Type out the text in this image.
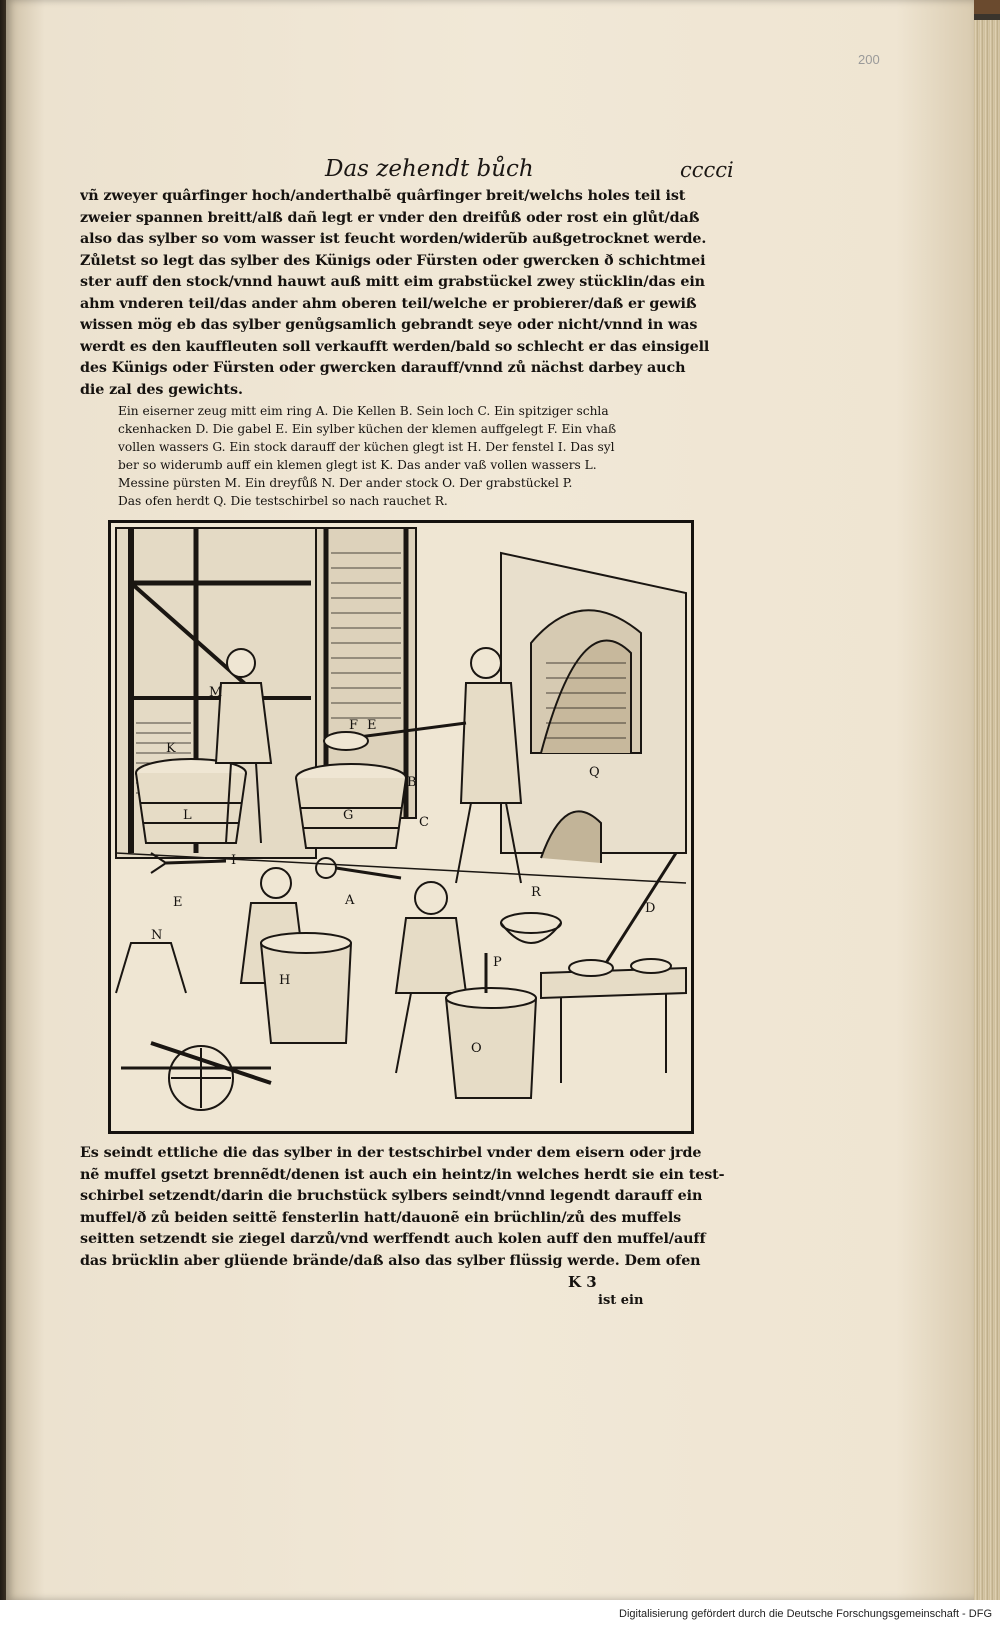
200
Das zehendt bůch	cccci
vñ zweyer quârfinger hoch/anderthalbẽ quârfinger breit/welchs holes teil ist
zweier spannen breitt/alß dañ legt er vnder den dreifůß oder rost ein glůt/daß
also das sylber so vom wasser ist feucht worden/widerũb außgetrocknet werde.
Zůletst so legt das sylber des Künigs oder Fürsten oder gwercken ð schichtmei
ster auff den stock/vnnd hauwt auß mitt eim grabstückel zwey stücklin/das ein
ahm vnderen teil/das ander ahm oberen teil/welche er probierer/daß er gewiß
wissen mög eb das sylber genůgsamlich gebrandt seye oder nicht/vnnd in was
werdt es den kauffleuten soll verkaufft werden/bald so schlecht er das einsigell
des Künigs oder Fürsten oder gwercken darauff/vnnd zů nächst darbey auch
die zal des gewichts.
Ein eiserner zeug mitt eim ring A. Die Kellen B. Sein loch C. Ein spitziger schla
ckenhacken D. Die gabel E. Ein sylber küchen der klemen auffgelegt F. Ein vhaß
vollen wassers G. Ein stock darauff der küchen glegt ist H. Der fenstel I. Das syl
ber so widerumb auff ein klemen glegt ist K. Das ander vaß vollen wassers L.
Messine pürsten M. Ein dreyfůß N. Der ander stock O. Der grabstückel P.
Das ofen herdt Q. Die testschirbel so nach rauchet R.
M
K
F E
L	G
B
C
I
E	A
R
D
N
H
P
O
Q
Es seindt ettliche die das sylber in der testschirbel vnder dem eisern oder jrde
nẽ muffel gsetzt brennẽdt/denen ist auch ein heintz/in welches herdt sie ein test-
schirbel setzendt/darin die bruchstück sylbers seindt/vnnd legendt darauff ein
muffel/ð zů beiden seittẽ fensterlin hatt/dauonẽ ein brüchlin/zů des muffels
seitten setzendt sie ziegel darzů/vnd werffendt auch kolen auff den muffel/auff
das brücklin aber glüende brände/daß also das sylber flüssig werde. Dem ofen
K 3
ist ein
Digitalisierung gefördert durch die Deutsche Forschungsgemeinschaft - DFG
